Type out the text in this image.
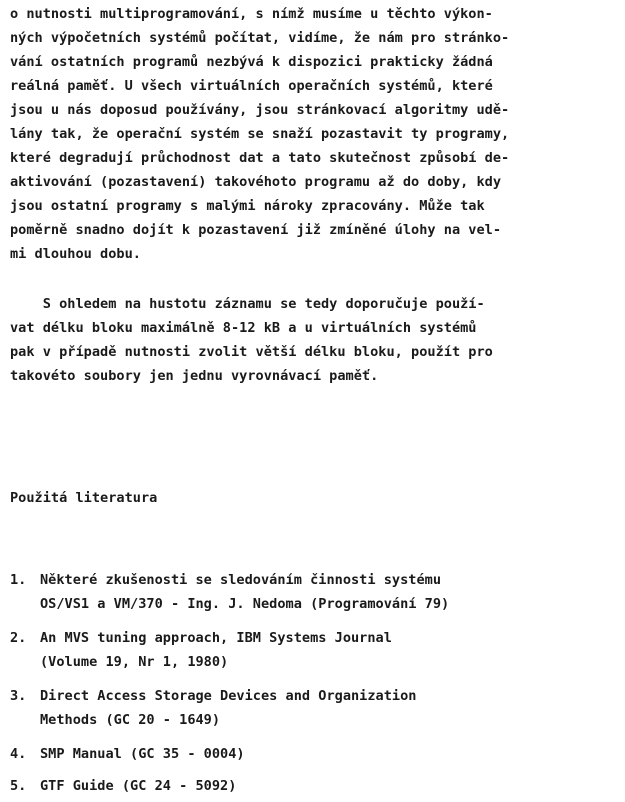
o nutnosti multiprogramování, s nímž musíme u těchto výkon-
ných výpočetních systémů počítat, vidíme, že nám pro stránko-
vání ostatních programů nezbývá k dispozici prakticky žádná
reálná paměť. U všech virtuálních operačních systémů, které
jsou u nás doposud používány, jsou stránkovací algoritmy udě-
lány tak, že operační systém se snaží pozastavit ty programy,
které degradují průchodnost dat a tato skutečnost způsobí de-
aktivování (pozastavení) takovéhoto programu až do doby, kdy
jsou ostatní programy s malými nároky zpracovány. Může tak
poměrně snadno dojít k pozastavení již zmíněné úlohy na vel-
mi dlouhou dobu.
S ohledem na hustotu záznamu se tedy doporučuje použí-
vat délku bloku maximálně 8-12 kB a u virtuálních systémů
pak v případě nutnosti zvolit větší délku bloku, použít pro
takovéto soubory jen jednu vyrovnávací paměť.
Použitá literatura
1. Některé zkušenosti se sledováním činnosti systému
OS/VS1 a VM/370 - Ing. J. Nedoma (Programování 79)
2. An MVS tuning approach, IBM Systems Journal
(Volume 19, Nr 1, 1980)
3. Direct Access Storage Devices and Organization
Methods (GC 20 - 1649)
4. SMP Manual (GC 35 - 0004)
5. GTF Guide (GC 24 - 5092)
